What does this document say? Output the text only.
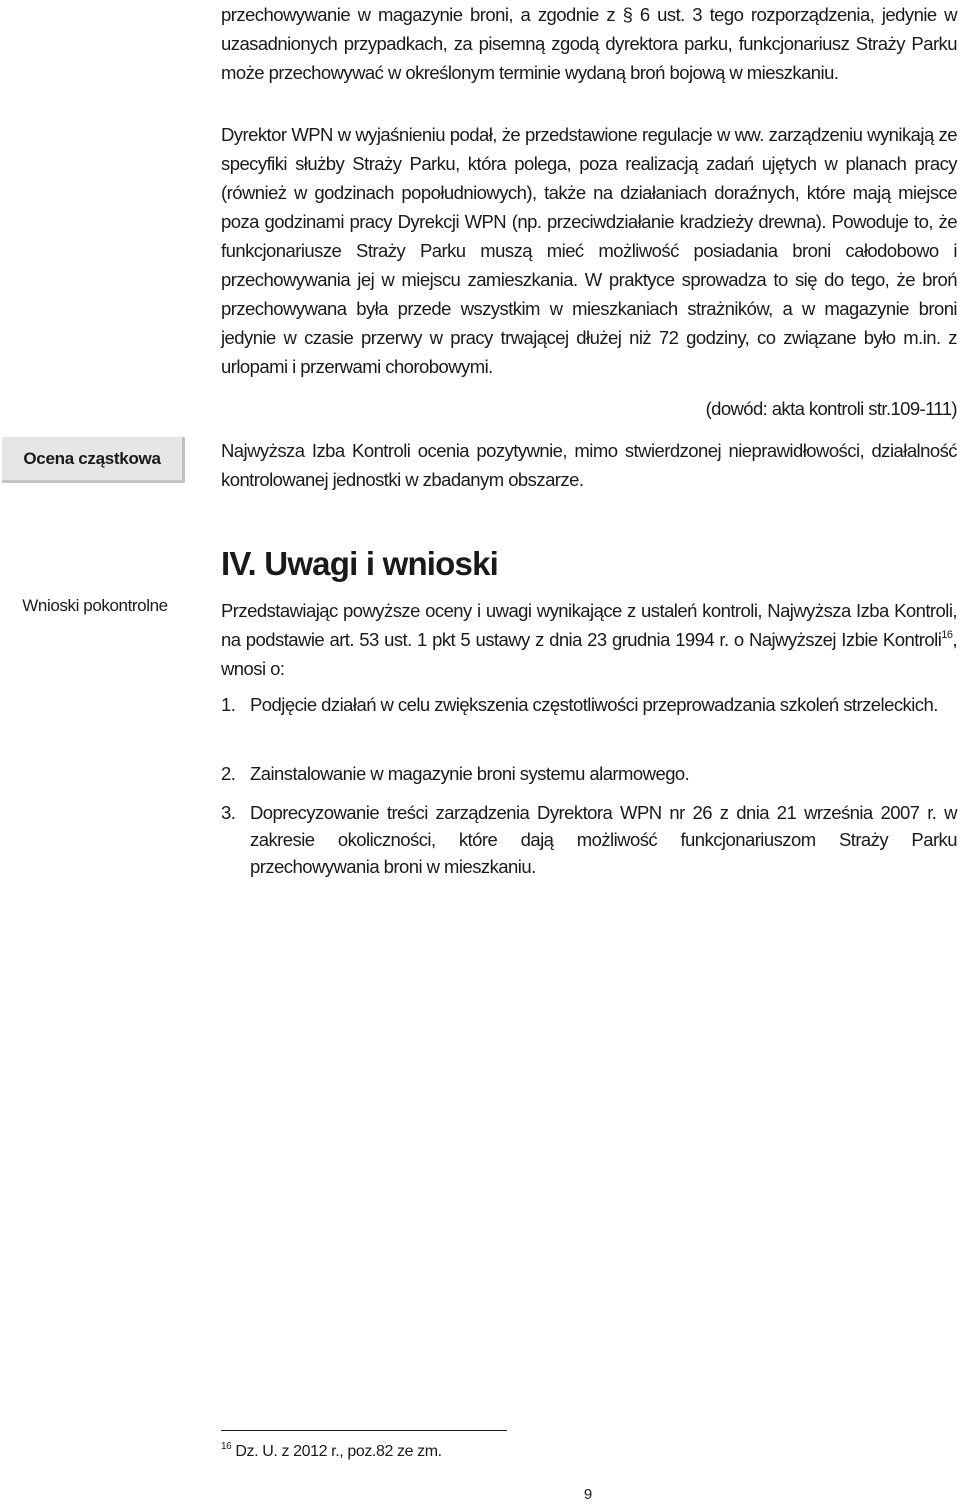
przechowywanie w magazynie broni, a zgodnie z § 6 ust. 3 tego rozporządzenia, jedynie w uzasadnionych przypadkach, za pisemną zgodą dyrektora parku, funkcjonariusz Straży Parku może przechowywać w określonym terminie wydaną broń bojową w mieszkaniu.

Dyrektor WPN w wyjaśnieniu podał, że przedstawione regulacje w ww. zarządzeniu wynikają ze specyfiki służby Straży Parku, która polega, poza realizacją zadań ujętych w planach pracy (również w godzinach popołudniowych), także na działaniach doraźnych, które mają miejsce poza godzinami pracy Dyrekcji WPN (np. przeciwdziałanie kradzieży drewna). Powoduje to, że funkcjonariusze Straży Parku muszą mieć możliwość posiadania broni całodobowo i przechowywania jej w miejscu zamieszkania. W praktyce sprowadza to się do tego, że broń przechowywana była przede wszystkim w mieszkaniach strażników, a w magazynie broni jedynie w czasie przerwy w pracy trwającej dłużej niż 72 godziny, co związane było m.in. z urlopami i przerwami chorobowymi.

(dowód: akta kontroli str.109-111)

Ocena cząstkowa	Najwyższa Izba Kontroli ocenia pozytywnie, mimo stwierdzonej nieprawidłowości, działalność kontrolowanej jednostki w zbadanym obszarze.

IV. Uwagi i wnioski
Wnioski pokontrolne	Przedstawiając powyższe oceny i uwagi wynikające z ustaleń kontroli, Najwyższa Izba Kontroli, na podstawie art. 53 ust. 1 pkt 5 ustawy z dnia 23 grudnia 1994 r. o Najwyższej Izbie Kontroli$^{16}$, wnosi o:

1. Podjęcie działań w celu zwiększenia częstotliwości przeprowadzania szkoleń strzeleckich.
2. Zainstalowanie w magazynie broni systemu alarmowego.
3. Doprecyzowanie treści zarządzenia Dyrektora WPN nr 26 z dnia 21 września 2007 r. w zakresie okoliczności, które dają możliwość funkcjonariuszom Straży Parku przechowywania broni w mieszkaniu.
$^{16}$ Dz. U. z 2012 r., poz.82 ze zm.
9
